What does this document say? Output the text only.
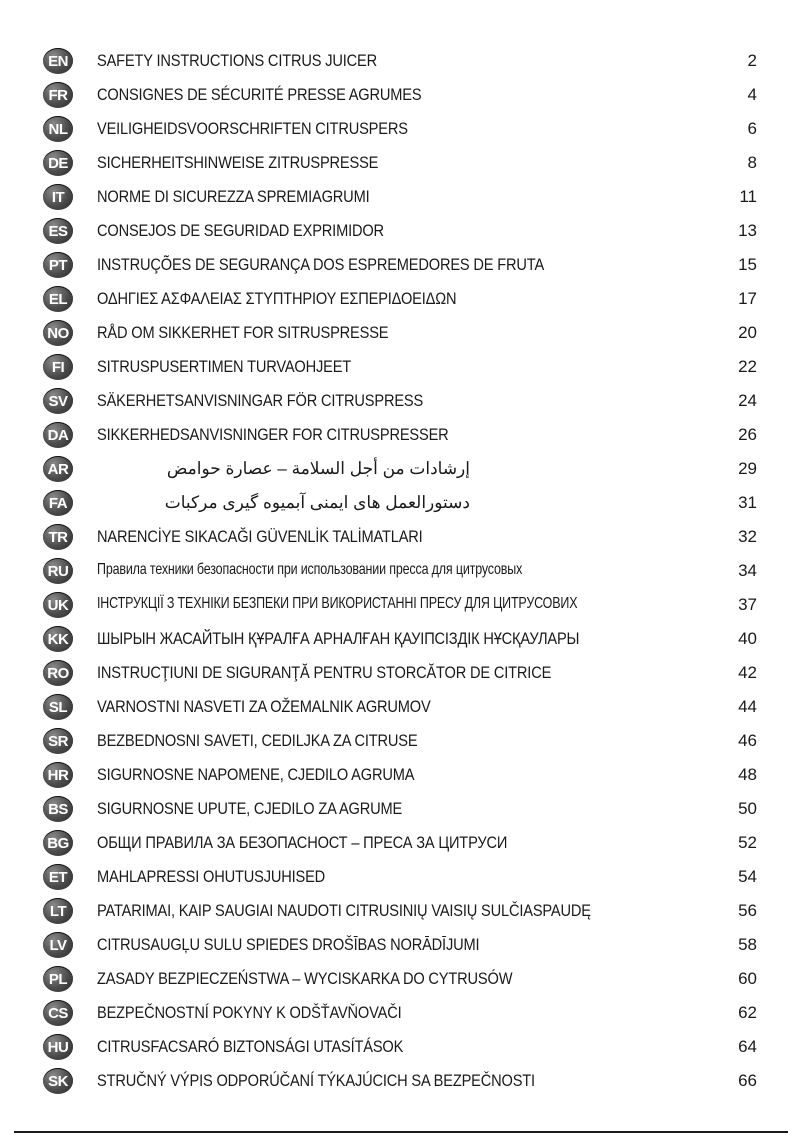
EN SAFETY INSTRUCTIONS CITRUS JUICER	2
FR	CONSIGNES DE SÉCURITÉ PRESSE AGRUMES	4
NL	VEILIGHEIDSVOORSCHRIFTEN CITRUSPERS	6
DE SICHERHEITSHINWEISE ZITRUSPRESSE	8
IT	NORME DI SICUREZZA SPREMIAGRUMI	11
ES	CONSEJOS DE SEGURIDAD EXPRIMIDOR	13
PT	INSTRUÇÕES DE SEGURANÇA DOS ESPREMEDORES DE FRUTA	15
EL	ΟΔΗΓΙΕΣ ΑΣΦΑΛΕΙΑΣ ΣΤΥΠΤΗΡΙΟΥ ΕΣΠΕΡΙΔΟΕΙΔΩΝ	17
NO RÅD OM SIKKERHET FOR SITRUSPRESSE	20
FI	SITRUSPUSERTIMEN TURVAOHJEET	22
SV	SÄKERHETSANVISNINGAR FÖR CITRUSPRESS	24
DA SIKKERHEDSANVISNINGER FOR CITRUSPRESSER	26
AR	إرشادات من أجل السلامة – عصارة حوامض	29
FA	دستورالعمل های ایمنی آبمیوه گیری مرکبات	31
TR	NARENCİYE SIKACAĞI GÜVENLİK TALİMATLARI	32
RU Правила техники безопасности при использовании пресса для цитрусовых	34
UK ІНСТРУКЦІЇ З ТЕХНІКИ БЕЗПЕКИ ПРИ ВИКОРИСТАННІ ПРЕСУ ДЛЯ ЦИТРУСОВИХ	37
KK ШЫРЫН ЖАСАЙТЫН ҚҰРАЛҒА АРНАЛҒАН ҚАУІПСІЗДІК НҰСҚАУЛАРЫ	40
RO INSTRUCŢIUNI DE SIGURANŢĂ PENTRU STORCĂTOR DE CITRICE	42
SL	VARNOSTNI NASVETI ZA OŽEMALNIK AGRUMOV	44
SR BEZBEDNOSNI SAVETI, CEDILJKA ZA CITRUSE	46
HR SIGURNOSNE NAPOMENE, CJEDILO AGRUMA	48
BS SIGURNOSNE UPUTE, CJEDILO ZA AGRUME	50
BG ОБЩИ ПРАВИЛА ЗА БЕЗОПАСНОСТ – ПРЕСА ЗА ЦИТРУСИ	52
ET	MAHLAPRESSI OHUTUSJUHISED	54
LT	PATARIMAI, KAIP SAUGIAI NAUDOTI CITRUSINIŲ VAISIŲ SULČIASPAUDĘ	56
LV	CITRUSAUGĻU SULU SPIEDES DROŠĪBAS NORĀDĪJUMI	58
PL	ZASADY BEZPIECZEŃSTWA – WYCISKARKA DO CYTRUSÓW	60
CS BEZPEČNOSTNÍ POKYNY K ODŠŤAVŇOVAČI	62
HU CITRUSFACSARÓ BIZTONSÁGI UTASÍTÁSOK	64
SK STRUČNÝ VÝPIS ODPORÚČANÍ TÝKAJÚCICH SA BEZPEČNOSTI	66
